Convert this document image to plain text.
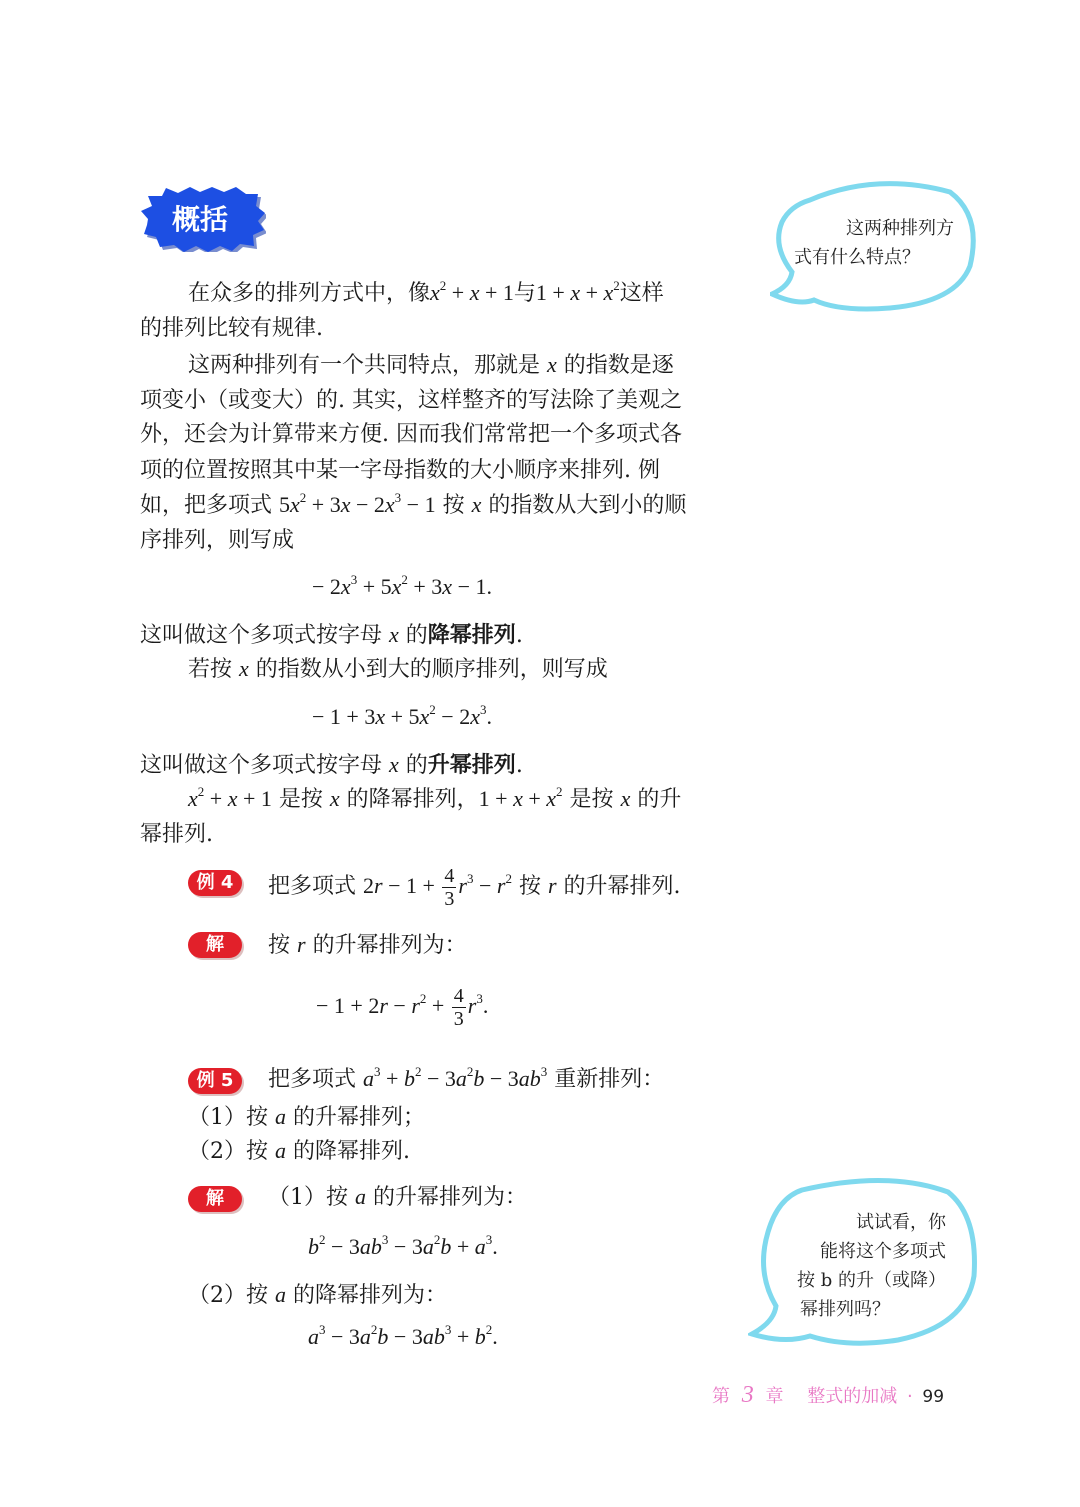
概括	这两种排列方
式有什么特点？
在众多的排列方式中，像$x^2 + x + 1$与$1 + x + x^2$这样
的排列比较有规律.
这两种排列有一个共同特点，那就是 x 的指数是逐
项变小（或变大）的. 其实，这样整齐的写法除了美观之
外，还会为计算带来方便. 因而我们常常把一个多项式各
项的位置按照其中某一字母指数的大小顺序来排列. 例
如，把多项式 $5x^2 + 3x - 2x^3 - 1$ 按 x 的指数从大到小的顺
序排列，则写成
− $2x^3 + 5x^2 + 3x - 1$.
这叫做这个多项式按字母 x 的降幂排列.
若按 x 的指数从小到大的顺序排列，则写成
− $1 + 3x + 5x^2 - 2x^3$.
这叫做这个多项式按字母 x 的升幂排列.
$x^2 + x + 1$ 是按 x 的降幂排列，$1 + x + x^2$ 是按 x 的升
幂排列.
例 4	把多项式 $2r - 1 + \frac{4}{3} r^3 - r^2$ 按 r 的升幂排列.
解	按 r 的升幂排列为：
− $1 + 2r - r^2 + \frac{4}{3} r^3$.
例 5	把多项式 $a^3 + b^2 - 3a^2b - 3ab^3$ 重新排列：
（1）按 a 的升幂排列；
（2）按 a 的降幂排列.
解	（1）按 a 的升幂排列为：
$b^2 - 3ab^3 - 3a^2b + a^3$.
（2）按 a 的降幂排列为：
$a^3 - 3a^2b - 3ab^3 + b^2$.
试试看，你
能将这个多项式
按 b 的升（或降）
幂排列吗？
第 3 章 整式的加减 · 99
